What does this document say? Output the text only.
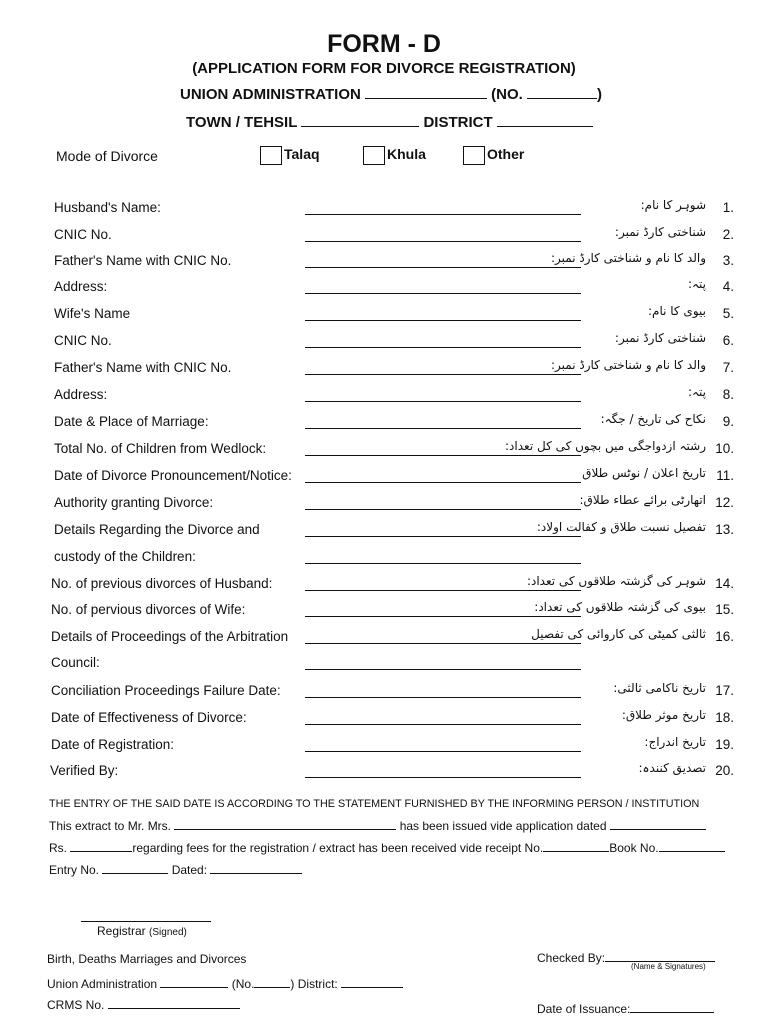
FORM - D
(APPLICATION FORM FOR DIVORCE REGISTRATION)
UNION ADMINISTRATION	(NO.	)
TOWN / TEHSIL	DISTRICT
Mode of Divorce	Talaq	Khula	Other
Husband's Name:	شوہر کا نام:	1.
CNIC No.	شناختی کارڈ نمبر:	2.
Father's Name with CNIC No.	والد کا نام و شناختی کارڈ نمبر:	3.
Address:	پتہ:	4.
Wife's Name	بیوی کا نام:	5.
CNIC No.	شناختی کارڈ نمبر:	6.
Father's Name with CNIC No.	والد کا نام و شناختی کارڈ نمبر:	7.
Address:	پتہ:	8.
Date & Place of Marriage:	نکاح کی تاریخ / جگہ:	9.
Total No. of Children from Wedlock:	رشتہ ازدواجگی میں بچوں کی کل تعداد: 10.
Date of Divorce Pronouncement/Notice:	تاریخ اعلان / نوٹس طلاق 11.
Authority granting Divorce:	اتھارٹی برائے عطاء طلاق: 12.
Details Regarding the Divorce and	تفصیل نسبت طلاق و کفالت اولاد: 13.
custody of the Children:
No. of previous divorces of Husband:	شوہر کی گزشتہ طلاقوں کی تعداد: 14.
No. of pervious divorces of Wife:	بیوی کی گزشتہ طلاقوں کی تعداد: 15.
Details of Proceedings of the Arbitration	ثالثی کمیٹی کی کاروائی کی تفصیل 16.
Council:
Conciliation Proceedings Failure Date:	تاریخ ناکامی ثالثی: 17.
Date of Effectiveness of Divorce:	تاریخ موثر طلاق: 18.
Date of Registration:	تاریخ اندراج: 19.
Verified By:	تصدیق کنندہ: 20.
THE ENTRY OF THE SAID DATE IS ACCORDING TO THE STATEMENT FURNISHED BY THE INFORMING PERSON / INSTITUTION
This extract to Mr. Mrs.	has been issued vide application dated
Rs.	regarding fees for the registration / extract has been received vide receipt No.	Book No.
Entry No.	Dated:
Registrar (Signed)
Birth, Deaths Marriages and Divorces
Union Administration	(No.	) District:
CRMS No.
Checked By:
(Name & Signatures)
Date of Issuance:
